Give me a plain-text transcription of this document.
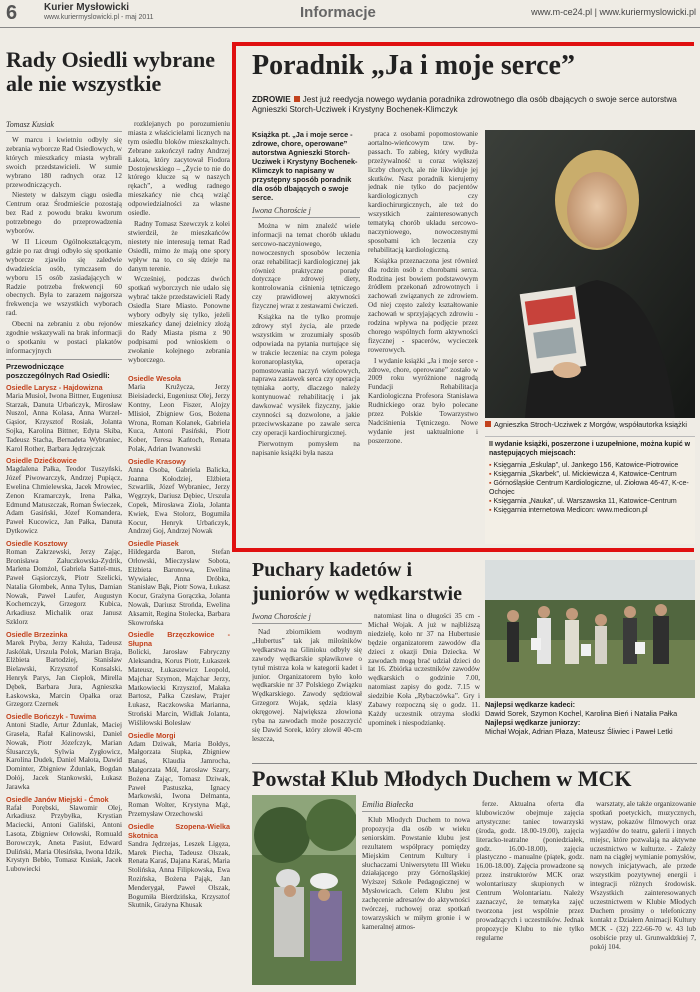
6	Kurier Mysłowicki
www.kuriermyslowicki.pl - maj 2011	Informacje	www.m-ce24.pl | www.kuriermyslowicki.pl
Rady Osiedli wybrane ale nie wszystkie
Tomasz Kusiak

W marcu i kwietniu odbyły się zebrania wyborcze Rad Osiedlowych, w których mieszkańcy miasta wybrali swoich przedstawicieli. W sumie wybrano 180 radnych oraz 12 przewodniczących.

Niestety w dalszym ciągu osiedla Centrum oraz Środmieście pozostają bez Rad z powodu braku kworum potrzebnego do przeprowadzenia wyborów.

W II Liceum Ogólnokształcącym, gdzie po raz drugi odbyło się spotkanie wyborcze zjawiło się zaledwie dwadzieścia osób, tymczasem do wyboru 15 osób zasiadających w Radzie potrzeba frekwencji 60 obecnych. Była to zarazem najgorsza frekwencja we wszystkich wyborach rad.

Obecni na zebraniu z obu rejonów zgodnie wskazywali na brak informacji o spotkaniu w postaci plakatów informacyjnych

Przewodniczące poszczególnych Rad Osiedli:
Osiedle Larysz - Hajdowizna
Maria Musioł, Iwona Bittner, Eugeniusz Starzak, Danuta Urbańczyk, Mirosław Nuszol, Anna Kolasa, Anna Wurzel-Gąsior, Krzysztof Rosiak, Jolanta Sojka, Karolina Bittner, Edyta Skiba, Tadeusz Stacha, Bernadeta Wybraniec, Karol Rother, Barbara Jędrzejczak
Osiedle Dziećkowice
Magdalena Pałka, Teodor Tuszyński, Józef Piwowarczyk, Andrzej Pupiącz, Ewelina Chmielewska, Jacek Mrowiec, Zenon Kramarczyk, Irena Pałka, Edmund Matuszczak, Roman Świeczek, Adam Gasiński, Józef Komandera, Paweł Kucowicz, Jan Pałka, Danuta Dytkowicz
Osiedle Kosztowy
Roman Zakrzewski, Jerzy Zając, Bronisława Załuczkowska-Zydrik, Marlena Domżoł, Gabriela Sattel-mus, Paweł Gąsiorczyk, Piotr Szelicki, Natalia Głombek, Anna Tylus, Damian Nowak, Paweł Laufer, Augustyn Kochemczyk, Grzegorz Kubica, Arkadiusz Michalik oraz Janusz Szklorz
Osiedle Brzezinka
Marek Pryba, Jerzy Kałuża, Tadeusz Jaskólak, Urszula Polok, Marian Braja, Elżbieta Bartodziej, Stanisław Bielawski, Krzysztof Konsalski, Henryk Parys, Jan Ciepłok, Mirella Dębek, Barbara Jura, Agnieszka Łaskowska, Marcin Opałka oraz Grzegorz Czernek
Osiedle Bończyk - Tuwima
Antoni Stadle, Artur Żdunlak, Maciej Grasela, Rafał Kalinowski, Daniel Nowak, Piotr Józefczyk, Marian Ślusarczyk, Sylwia Zygłowicz, Karolina Dudek, Daniel Małota, Dawid Dominter, Zbigniew Żdunlak, Bogdan Dołój, Jacek Stankowski, Łukasz Jarawka
Osiedle Janów Miejski - Ćmok
Rafał Porębski, Sławomir Olej, Arkadiusz Przybyłka, Krystian Maciecki, Antoni Galiński, Antoni Lasota, Zbigniew Orłowski, Romuald Borowczyk, Aneta Pasiut, Edward Duliński, Maria Olesińska, Iwona Idzik, Krystyn Bebło, Tomasz Kusiak, Jacek Lubowiecki

rozklejanych po porozumieniu miasta z właścicielami licznych na tym osiedlu bloków mieszkalnych. Zebrane zakończył radny Andrzej Łakota, który zacytował Fiodora Dostojewskiego – „Życie to nie do którego klucze są w naszych rękach”, a według radnego mieszkańcy nie chcą wziąć odpowiedzialności za własne osiedle.

Radny Tomasz Szewczyk z kolei stwierdził, że mieszkańców niestety nie interesują temat Rad Osiedli, mimo że mają one spory wpływ na to, co się dzieje na danym terenie.

Wcześniej, podczas dwóch spotkań wyborczych nie udało się wybrać także przedstawicieli Rady Osiedla Stare Miasto. Ponowne wybory odbyły się tylko, jeżeli mieszkańcy danej dzielnicy złożą do Rady Miasta pisma z 90 podpisami pod wnioskiem o zwołanie kolejnego zebrania wyborczego.

Osiedle Wesoła
Maria Kružycza, Jerzy Bieisiadecki, Eugeniusz Olej, Jerzy Kontny, Leon Fiszer, Alojzy Mlisioł, Zbigniew Gos, Bożena Wrona, Roman Kolanek, Gabriela Kuca, Antoni Pasiński, Piotr Kober, Teresa Kańtoch, Renata Polak, Adrian Iwanowski
Osiedle Krasowy
Anna Osoba, Gabriela Balicka, Joanna Kołodziej, Elżbieta Szwarlik, Józef Wybraniec, Jerzy Węgrzyk, Dariusz Dębiec, Urszula Copek, Mirosława Ziola, Jolanta Kwiek, Ewa Stolorz, Bogumiła Kocur, Henryk Urbańczyk, Andrzej Goj, Andrzej Nowak
Osiedle Piasek
Hildegarda Baron, Stefan Orłowski, Mieczysław Sobota, Elżbieta Baronowa, Ewelina Wywiałec, Anna Dróbka, Stanisław Bąk, Piotr Sowa, Łukasz Kocur, Grażyna Gorączka, Jolanta Nowak, Dariusz Strońda, Ewelina Aksamit, Regina Stolecka, Barbara Skowrońska
Osiedle Brzęczkowice - Słupna
Bolicki, Jarosław Fabryczny Aleksandra, Korus Piotr, Łukaszek Mateusz, Łukaszewicz Leopold, Majchar Szymon, Majchar Jerzy, Matkowiecki Krzysztof, Małaka Bartosz, Pałka Czesław, Prajer Łukasz, Raczkowska Marianna, Stroński Marcin, Widlak Jolanta, Wiśliłowski Bolesław
Osiedle Morgi
Adam Dziwak, Maria Bołdys, Małgorzata Siupka, Zbigniew Banaś, Klaudia Jamrocha, Małgorzata Mól, Jarosław Szary, Bożena Zając, Tomasz Dziwak, Paweł Pastuszka, Ignacy Markowski, Iwona Delmanta, Roman Wolter, Krystyna Mąż, Przemysław Orzechowski
Osiedle Szopena-Wielka Skotnica
Sandra Jędrzejas, Leszek Ligęza, Marek Piecha, Tadeusz Olszak, Renata Karaś, Dajana Karaś, Maria Stolińska, Anna Filipkowska, Ewa Rozińska, Bożena Pająk, Jan Menderygał, Paweł Olszak, Bogumiła Bierdzińska, Krzysztof Skutnik, Grażyna Khusak
Poradnik „Ja i moje serce”
ZDROWIE Jest już reedycja nowego wydania poradnika zdrowotnego dla osób dbających o swoje serce autorstwa Agnieszki Storch-Ucziwek i Krystyny Bochenek-Klimczyk
Książka pt. „Ja i moje serce - zdrowe, chore, operowane” autorstwa Agnieszki Storch-Ucziwek i Krystyny Bochenek-Klimczyk to napisany w przystępny sposób poradnik dla osób dbających o swoje serce.
Iwona Choroście j

Można w nim znaleźć wiele informacji na temat chorób układu sercowo-naczyniowego, nowoczesnych sposobów leczenia oraz rehabilitacji kardiologicznej jak również praktyczne porady dotyczące zdrowej diety, kontrolowania ciśnienia tętniczego czy prawidłowej aktywności fizycznej wraz z zestawami ćwiczeń.

Książka na tle tylko promuje zdrowy styl życia, ale przede wszystkim w zrozumiały sposób odpowiada na pytania nurtujące się w trakcie leczenia: na czym polega koronaroplastyka, operacja pomostowania naczyń wieńcowych, naprawa zastawek serca czy operacja tętniaka aorty, dlaczego należy kontynuować rehabilitację i jak dawkować wysiłek fizyczny, jakie czynności są dozwolone, a jakie przeciwwskazane po zawale serca czy operacji kardiochirurgicznej.

Pierwotnym pomysłem na napisanie książki była nasza

praca z osobami popomostowanie aortalno-wieńcowym tzw. by-passach. To zabieg, który wydłuża przeżywalność u coraz większej liczby chorych, ale nie likwiduje jej skutków. Nasz poradnik kierujemy jednak nie tylko do pacjentów kardiologicznych czy kardiochirurgicznych, ale też do wszystkich zainteresowanych tematyką chorób układu sercowo-naczyniowego, nowoczesnymi sposobami ich leczenia czy rehabilitacją kardiologiczną.

Książka przeznaczona jest również dla rodzin osób z chorobami serca. Rodzina jest bowiem podstawowym źródłem przekonań zdrowotnych i zachowań związanych ze zdrowiem. Od niej często zależy kształtowanie zachowań w sprzyjających zdrowiu - rodzina wpływa na podjęcie przez chorego wspólnych form aktywności fizycznej - spacerów, wycieczek rowerowych.

I wydanie książki „Ja i moje serce - zdrowe, chore, operowane” zostało w 2009 roku wyróżnione nagrodą Fundacji Rehabilitacja Kardiologiczna Profesora Stanisława Rudnickiego oraz było polecane przez Polskie Towarzystwo Nadciśnienia Tętniczego. Nowe wydanie jest uaktualnione i poszerzone.

Agnieszka Stroch-Ucziwek z Morgów, współautorka książki
II wydanie książki, poszerzone i uzupełnione, można kupić w następujących miejscach:
▪ Księgarnia „Eskulap”, ul. Jankego 156, Katowice-Piotrowice
▪ Księgarnia „Skarbek”, ul. Mickiewicza 4, Katowice-Centrum
▪ Górnośląskie Centrum Kardiologiczne, ul. Ziołowa 46-47, K-ce-Ochojec
▪ Księgarnia „Nauka”, ul. Warszawska 11, Katowice-Centrum
▪ Księgarnia internetowa Medicon: www.medicon.pl
Puchary kadetów i juniorów w wędkarstwie
Iwona Choroście j

Nad zbiornikiem wodnym „Hubertus” tak jak miłośników wędkarstwa na Glinioku odbyły się zawody wędkarskie spławikowe o tytuł mistrza koła w kategorii kadet i junior. Organizatorem było koło wędkarskie nr 37 Polskiego Związku Wędkarskiego. Zawody sędziował Grzegorz Wojak, sędzia klasy okręgowej. Największa złowiona ryba na zawodach może poszczycić się Dawid Sorek, który złowił 40-cm leszcza,

natomiast lina o długości 35 cm - Michał Wojak. A już w najbliższą niedzielę, koło nr 37 na Hubertusie będzie organizatorem zawodów dla dzieci z okazji Dnia Dziecka. W zawodach mogą brać udział dzieci do lat 16. Zbiórka uczestników zawodów wędkarskich o godzinie 7.00, natomiast zapisy do godz. 7.15 w siedzibie Koła „Rybaczówka”. Gry i Zabawy rozpoczną się o godz. 11. Każdy uczestnik otrzyma słodki upominek i niespodziankę.

Najlepsi wędkarze kadeci:
Dawid Sorek, Szymon Kochel, Karolina Bień i Natalia Pałka
Najlepsi wędkarze juniorzy:
Michał Wojak, Adrian Płaza, Mateusz Śliwiec i Paweł Letki
Powstał Klub Młodych Duchem w MCK
Emilia Białecka

Klub Młodych Duchem to nowa propozycja dla osób w wieku seniorskim. Powstanie klubu jest rezultatem współpracy pomiędzy Miejskim Centrum Kultury i słuchaczami Uniwersytetu III Wieku działającego przy Górnośląskiej Wyższej Szkole Pedagogicznej w Mysłowicach. Celem Klubu jest zachęcenie adresatów do aktywności twórczej, ruchowej oraz spotkań towarzyskich w miłym gronie i w kameralnej atmos-

ferze. Aktualna oferta dla klubowiczów obejmuje zajęcia artystyczne: taniec towarzyski (środa, godz. 18.00-19.00), zajęcia literacko-teatralne (poniedziałek, godz. 16.00-18.00), zajęcia plastyczno - manualne (piątek, godz. 16.00-18.00). Zajęcia prowadzone są przez instruktorów MCK oraz wolontariuszy skupionych w Centrum Wolontariatu. Należy zaznaczyć, że tematyka zajęć tworzona jest wspólnie przez prowadzących i uczestników. Jednak propozycje Klubu to nie tylko regularne

warsztaty, ale także organizowanie spotkań poetyckich, muzycznych, wystaw, pokazów filmowych oraz wyjazdów do teatru, galerii i innych miejsc, które pozwalają na aktywne uczestnictwo w kulturze. - Zależy nam na ciągłej wymianie pomysłów, nowych inicjatywach, ale przede wszystkim pozytywnej energii i integracji różnych środowisk. Wszystkich zainteresowanych uczestnictwem w Klubie Młodych Duchem prosimy o telefoniczny kontakt z Działem Animacji Kultury MCK - (32) 222-66-70 w. 43 lub osobiście przy ul. Grunwaldzkiej 7, pokój 104.
